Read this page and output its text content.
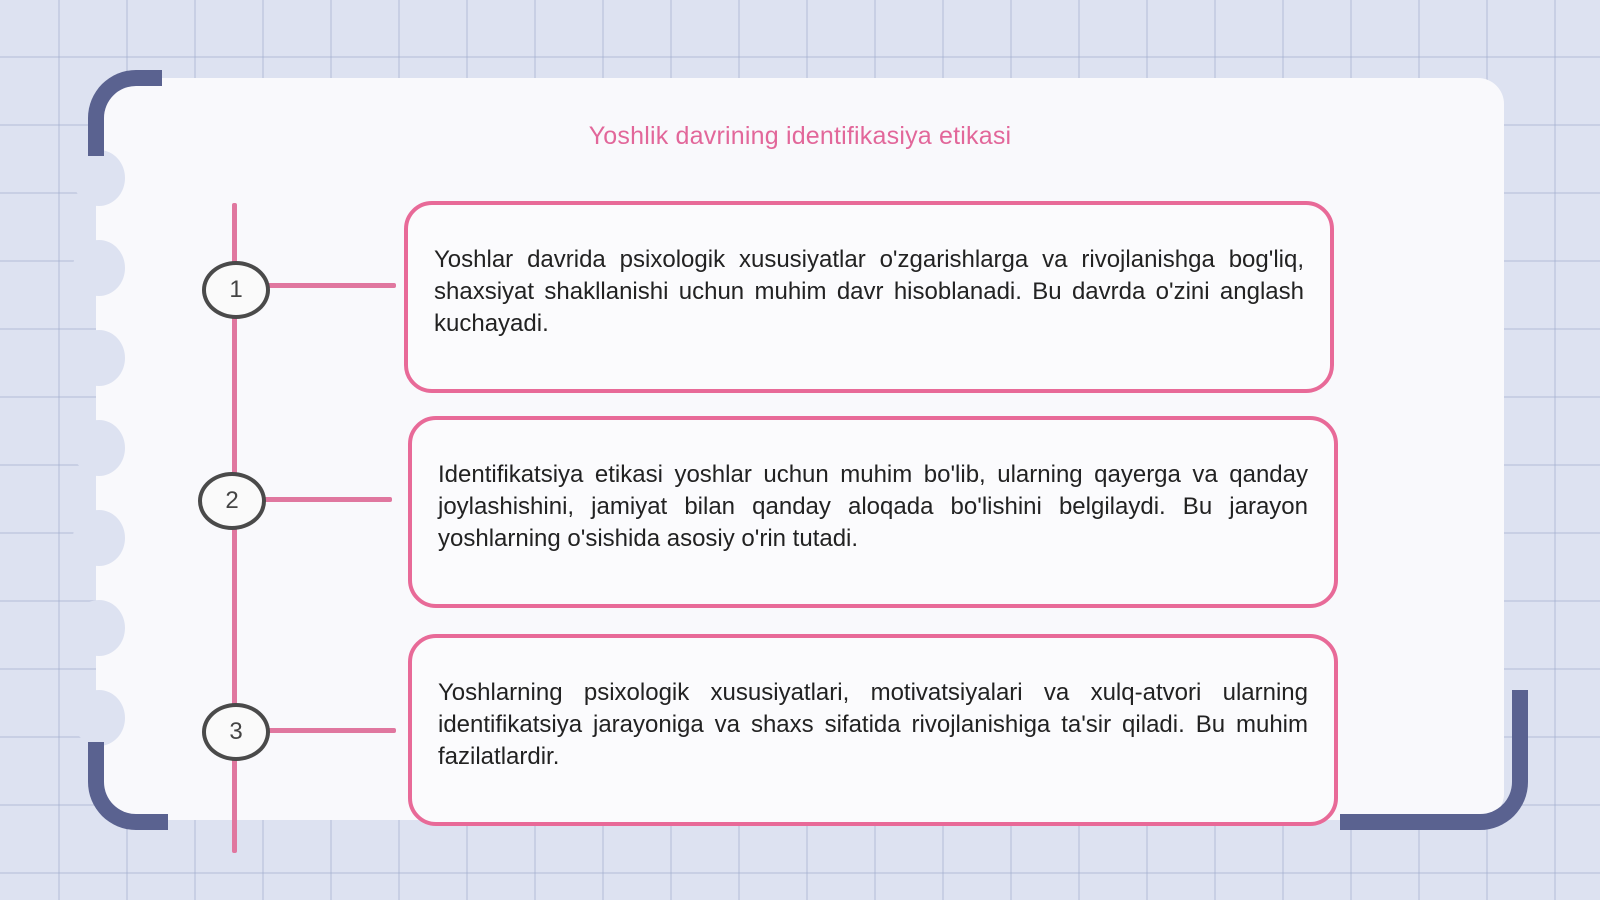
Yoshlik davrining identifikasiya etikasi
1
2
3

Yoshlar davrida psixologik xususiyatlar o'zgarishlarga va rivojlanishga bog'liq, shaxsiyat shakllanishi uchun muhim davr hisoblanadi. Bu davrda o'zini anglash kuchayadi.

Identifikatsiya etikasi yoshlar uchun muhim bo'lib, ularning qayerga va qanday joylashishini, jamiyat bilan qanday aloqada bo'lishini belgilaydi. Bu jarayon yoshlarning o'sishida asosiy o'rin tutadi.

Yoshlarning psixologik xususiyatlari, motivatsiyalari va xulq-atvori ularning identifikatsiya jarayoniga va shaxs sifatida rivojlanishiga ta'sir qiladi. Bu muhim fazilatlardir.
